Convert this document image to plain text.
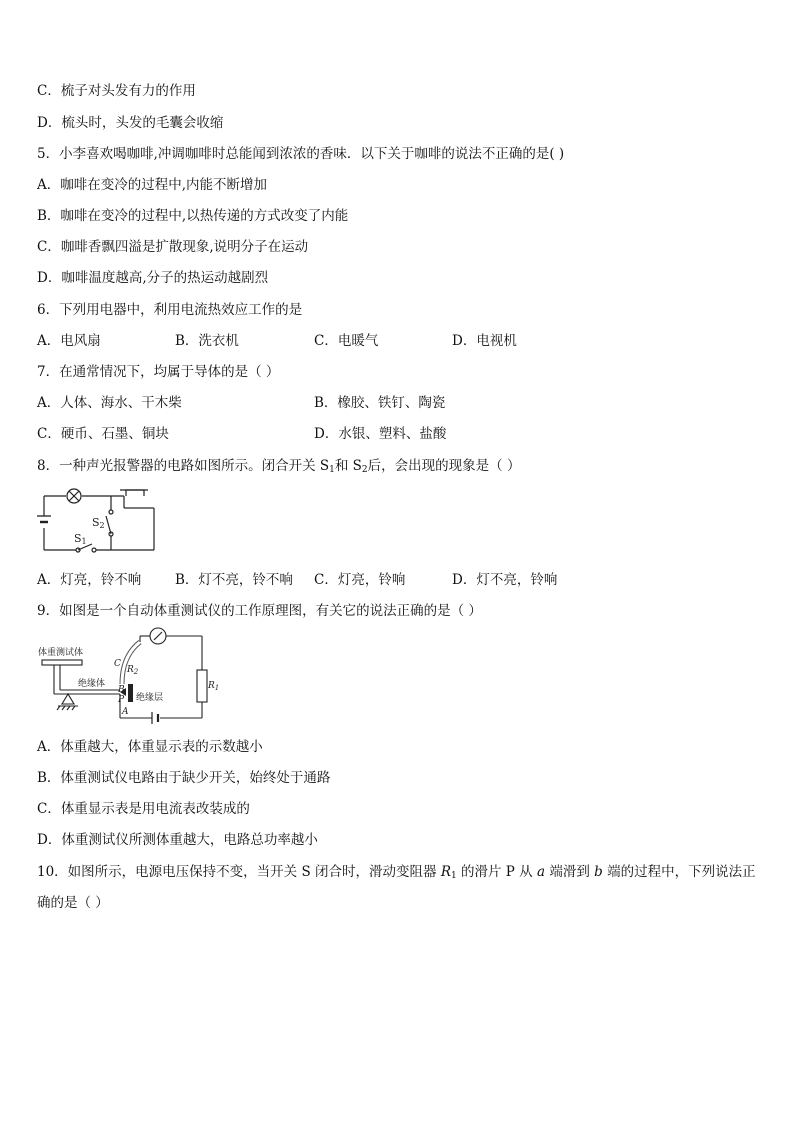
C．梳子对头发有力的作用
D．梳头时，头发的毛囊会收缩
5．小李喜欢喝咖啡,冲调咖啡时总能闻到浓浓的香味．以下关于咖啡的说法不正确的是( )
A．咖啡在变冷的过程中,内能不断增加
B．咖啡在变冷的过程中,以热传递的方式改变了内能
C．咖啡香飘四溢是扩散现象,说明分子在运动
D．咖啡温度越高,分子的热运动越剧烈
6．下列用电器中，利用电流热效应工作的是
A．电风扇	B．洗衣机	C．电暖气	D．电视机
7．在通常情况下，均属于导体的是（ ）
A．人体、海水、干木柴	B．橡胶、铁钉、陶瓷
C．硬币、石墨、铜块	D．水银、塑料、盐酸
8．一种声光报警器的电路如图所示。闭合开关 $S_1$和 $S_2$后，会出现的现象是（ ）
S2
S1
A．灯亮，铃不响	B．灯不亮，铃不响 C．灯亮，铃响	D．灯不亮，铃响
9．如图是一个自动体重测试仪的工作原理图，有关它的说法正确的是（ ）
体重测试体
绝缘体
绝缘层
$R_2$
$R_1$
C
B
P
A
A．体重越大，体重显示表的示数越小
B．体重测试仪电路由于缺少开关，始终处于通路
C．体重显示表是用电流表改装成的
D．体重测试仪所测体重越大，电路总功率越小
10．如图所示，电源电压保持不变，当开关 S 闭合时，滑动变阻器 $R_1$ 的滑片 P 从 a 端滑到 b 端的过程中，下列说法正
确的是（ ）
